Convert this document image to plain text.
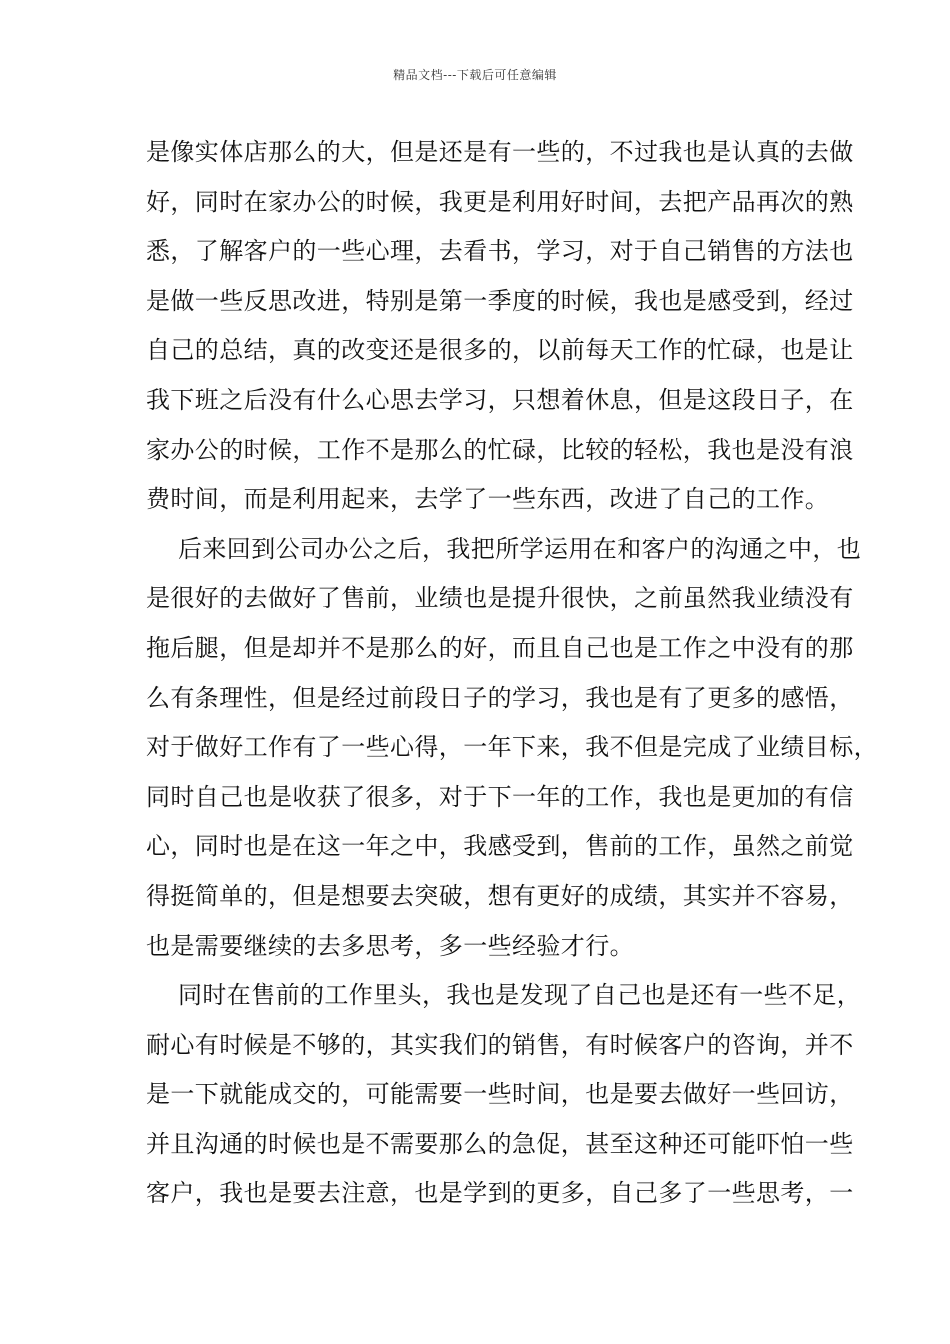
精品文档---下载后可任意编辑
是像实体店那么的大，但是还是有一些的，不过我也是认真的去做
好，同时在家办公的时候，我更是利用好时间，去把产品再次的熟
悉，了解客户的一些心理，去看书，学习，对于自己销售的方法也
是做一些反思改进，特别是第一季度的时候，我也是感受到，经过
自己的总结，真的改变还是很多的，以前每天工作的忙碌，也是让
我下班之后没有什么心思去学习，只想着休息，但是这段日子，在
家办公的时候，工作不是那么的忙碌，比较的轻松，我也是没有浪
费时间，而是利用起来，去学了一些东西，改进了自己的工作。
后来回到公司办公之后，我把所学运用在和客户的沟通之中，也
是很好的去做好了售前，业绩也是提升很快，之前虽然我业绩没有
拖后腿，但是却并不是那么的好，而且自己也是工作之中没有的那
么有条理性，但是经过前段日子的学习，我也是有了更多的感悟，
对于做好工作有了一些心得，一年下来，我不但是完成了业绩目标，
同时自己也是收获了很多，对于下一年的工作，我也是更加的有信
心，同时也是在这一年之中，我感受到，售前的工作，虽然之前觉
得挺简单的，但是想要去突破，想有更好的成绩，其实并不容易，
也是需要继续的去多思考，多一些经验才行。
同时在售前的工作里头，我也是发现了自己也是还有一些不足，
耐心有时候是不够的，其实我们的销售，有时候客户的咨询，并不
是一下就能成交的，可能需要一些时间，也是要去做好一些回访，
并且沟通的时候也是不需要那么的急促，甚至这种还可能吓怕一些
客户，我也是要去注意，也是学到的更多，自己多了一些思考，一
